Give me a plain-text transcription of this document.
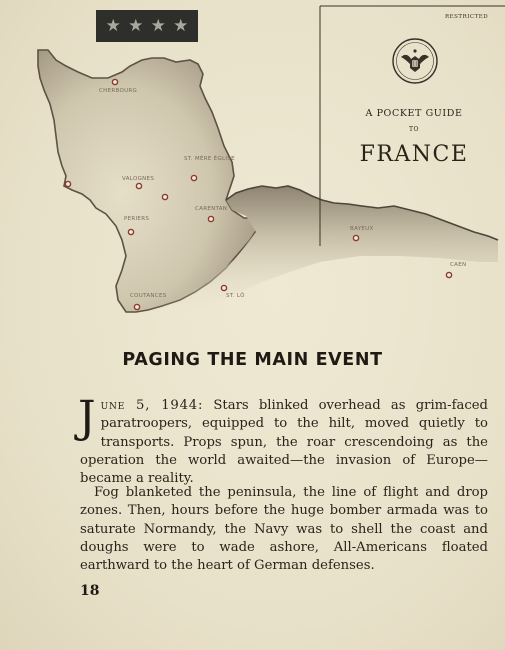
★ ★ ★ ★
CHERBOURG
VALOGNES
ST. MÈRE ÉGLISE
CARENTAN
PERIERS
BAYEUX
CAEN
COUTANCES	ST. LÔ
RESTRICTED
A POCKET GUIDE
TO
FRANCE
PAGING THE MAIN EVENT

June 5, 1944: Stars blinked overhead as grim-faced paratroopers, equipped to the hilt, moved quietly to transports. Props spun, the roar crescendoing as the operation the world awaited—the invasion of Europe—became a reality.

Fog blanketed the peninsula, the line of flight and drop zones. Then, hours before the huge bomber armada was to saturate Normandy, the Navy was to shell the coast and doughs were to wade ashore, All-Americans floated earthward to the heart of German defenses.

18
